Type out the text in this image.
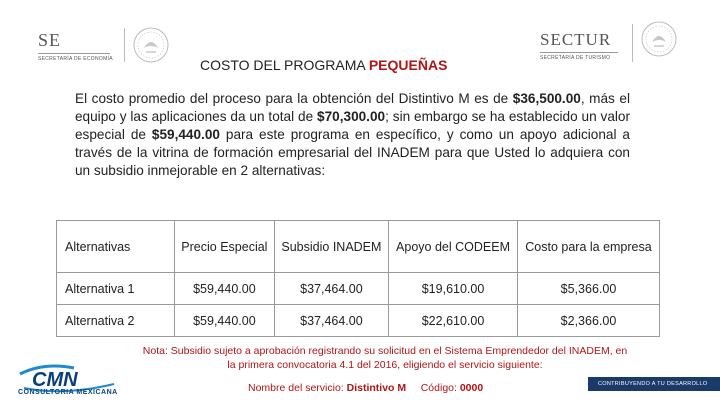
SE
SECRETARÍA DE ECONOMÍA
SECTUR
SECRETARÍA DE TURISMO
COSTO DEL PROGRAMA PEQUEÑAS
El costo promedio del proceso para la obtención del Distintivo M es de $36,500.00, más el equipo y las aplicaciones da un total de $70,300.00; sin embargo se ha establecido un valor especial de $59,440.00 para este programa en específico, y como un apoyo adicional a través de la vitrina de formación empresarial del INADEM para que Usted lo adquiera con un subsidio inmejorable en 2 alternativas:
Alternativas	Precio Especial	Subsidio INADEM	Apoyo del CODEEM	Costo para la empresa
Alternativa 1	$59,440.00	$37,464.00	$19,610.00	$5,366.00
Alternativa 2	$59,440.00	$37,464.00	$22,610.00	$2,366.00
Nota: Subsidio sujeto a aprobación registrando su solicitud en el Sistema Emprendedor del INADEM, en la primera convocatoria 4.1 del 2016, eligiendo el servicio siguiente:
Nombre del servicio: Distintivo M Código: 0000
CMN
CONSULTORIA MEXICANA
CONTRIBUYENDO A TU DESARROLLO
